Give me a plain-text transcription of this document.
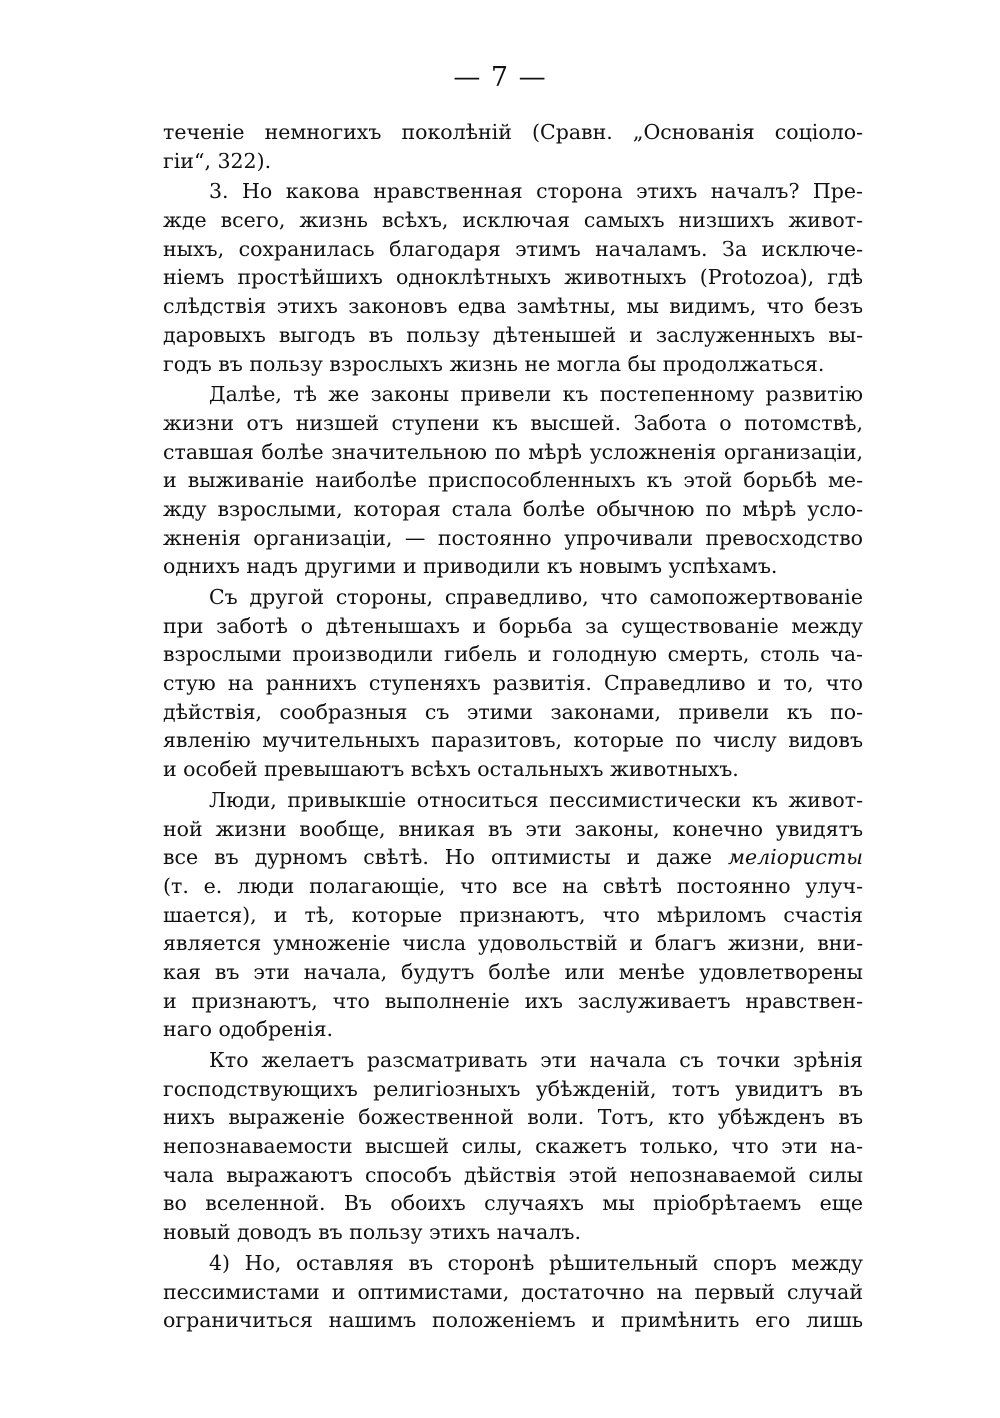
— 7 —
теченіе немногихъ поколѣній (Сравн. „Основанія соціоло-
гіи“, 322).
3. Но какова нравственная сторона этихъ началъ? Пре-
жде всего, жизнь всѣхъ, исключая самыхъ низшихъ живот-
ныхъ, сохранилась благодаря этимъ началамъ. За исключе-
ніемъ простѣйшихъ одноклѣтныхъ животныхъ (Protozoa), гдѣ
слѣдствія этихъ законовъ едва замѣтны, мы видимъ, что безъ
даровыхъ выгодъ въ пользу дѣтенышей и заслуженныхъ вы-
годъ въ пользу взрослыхъ жизнь не могла бы продолжаться.
Далѣе, тѣ же законы привели къ постепенному развитію
жизни отъ низшей ступени къ высшей. Забота о потомствѣ,
ставшая болѣе значительною по мѣрѣ усложненія организаціи,
и выживаніе наиболѣе приспособленныхъ къ этой борьбѣ ме-
жду взрослыми, которая стала болѣе обычною по мѣрѣ усло-
жненія организаціи, — постоянно упрочивали превосходство
однихъ надъ другими и приводили къ новымъ успѣхамъ.
Съ другой стороны, справедливо, что самопожертвованіе
при заботѣ о дѣтенышахъ и борьба за существованіе между
взрослыми производили гибель и голодную смерть, столь ча-
стую на раннихъ ступеняхъ развитія. Справедливо и то, что
дѣйствія, сообразныя съ этими законами, привели къ по-
явленію мучительныхъ паразитовъ, которые по числу видовъ
и особей превышаютъ всѣхъ остальныхъ животныхъ.
Люди, привыкшіе относиться пессимистически къ живот-
ной жизни вообще, вникая въ эти законы, конечно увидятъ
все въ дурномъ свѣтѣ. Но оптимисты и даже меліористы
(т. е. люди полагающіе, что все на свѣтѣ постоянно улуч-
шается), и тѣ, которые признаютъ, что мѣриломъ счастія
является умноженіе числа удовольствій и благъ жизни, вни-
кая въ эти начала, будутъ болѣе или менѣе удовлетворены
и признаютъ, что выполненіе ихъ заслуживаетъ нравствен-
наго одобренія.
Кто желаетъ разсматривать эти начала съ точки зрѣнія
господствующихъ религіозныхъ убѣжденій, тотъ увидитъ въ
нихъ выраженіе божественной воли. Тотъ, кто убѣжденъ въ
непознаваемости высшей силы, скажетъ только, что эти на-
чала выражаютъ способъ дѣйствія этой непознаваемой силы
во вселенной. Въ обоихъ случаяхъ мы пріобрѣтаемъ еще
новый доводъ въ пользу этихъ началъ.
4) Но, оставляя въ сторонѣ рѣшительный споръ между
пессимистами и оптимистами, достаточно на первый случай
ограничиться нашимъ положеніемъ и примѣнить его лишь
